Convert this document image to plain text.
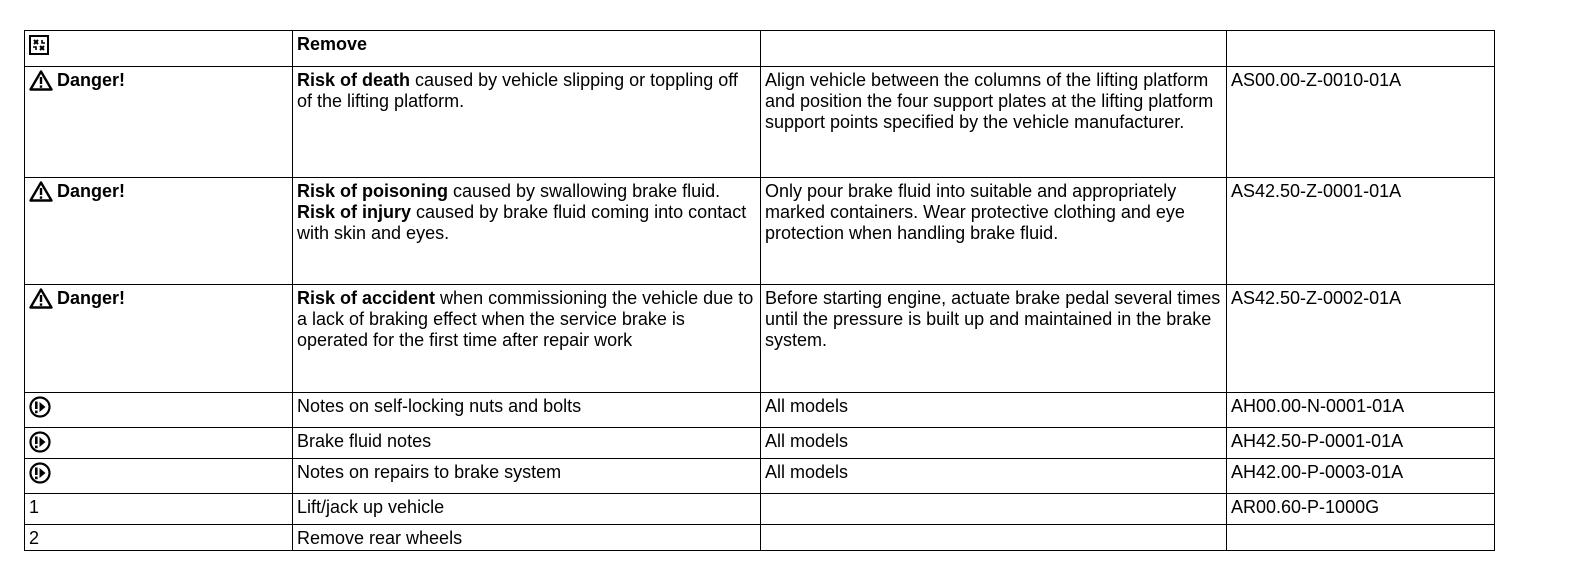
	Remove		

Danger!	Risk of death caused by vehicle slipping or toppling off of the lifting platform.	Align vehicle between the columns of the lifting platform and position the four support plates at the lifting platform support points specified by the vehicle manufacturer.	AS00.00-Z-0010-01A

Danger!	Risk of poisoning caused by swallowing brake fluid. Risk of injury caused by brake fluid coming into contact with skin and eyes.	Only pour brake fluid into suitable and appropriately marked containers. Wear protective clothing and eye protection when handling brake fluid.	AS42.50-Z-0001-01A

Danger!	Risk of accident when commissioning the vehicle due to a lack of braking effect when the service brake is operated for the first time after repair work	Before starting engine, actuate brake pedal several times until the pressure is built up and maintained in the brake system.	AS42.50-Z-0002-01A

	Notes on self-locking nuts and bolts	All models	AH00.00-N-0001-01A

	Brake fluid notes	All models	AH42.50-P-0001-01A

	Notes on repairs to brake system	All models	AH42.00-P-0003-01A
1	Lift/jack up vehicle		AR00.60-P-1000G
2	Remove rear wheels		
